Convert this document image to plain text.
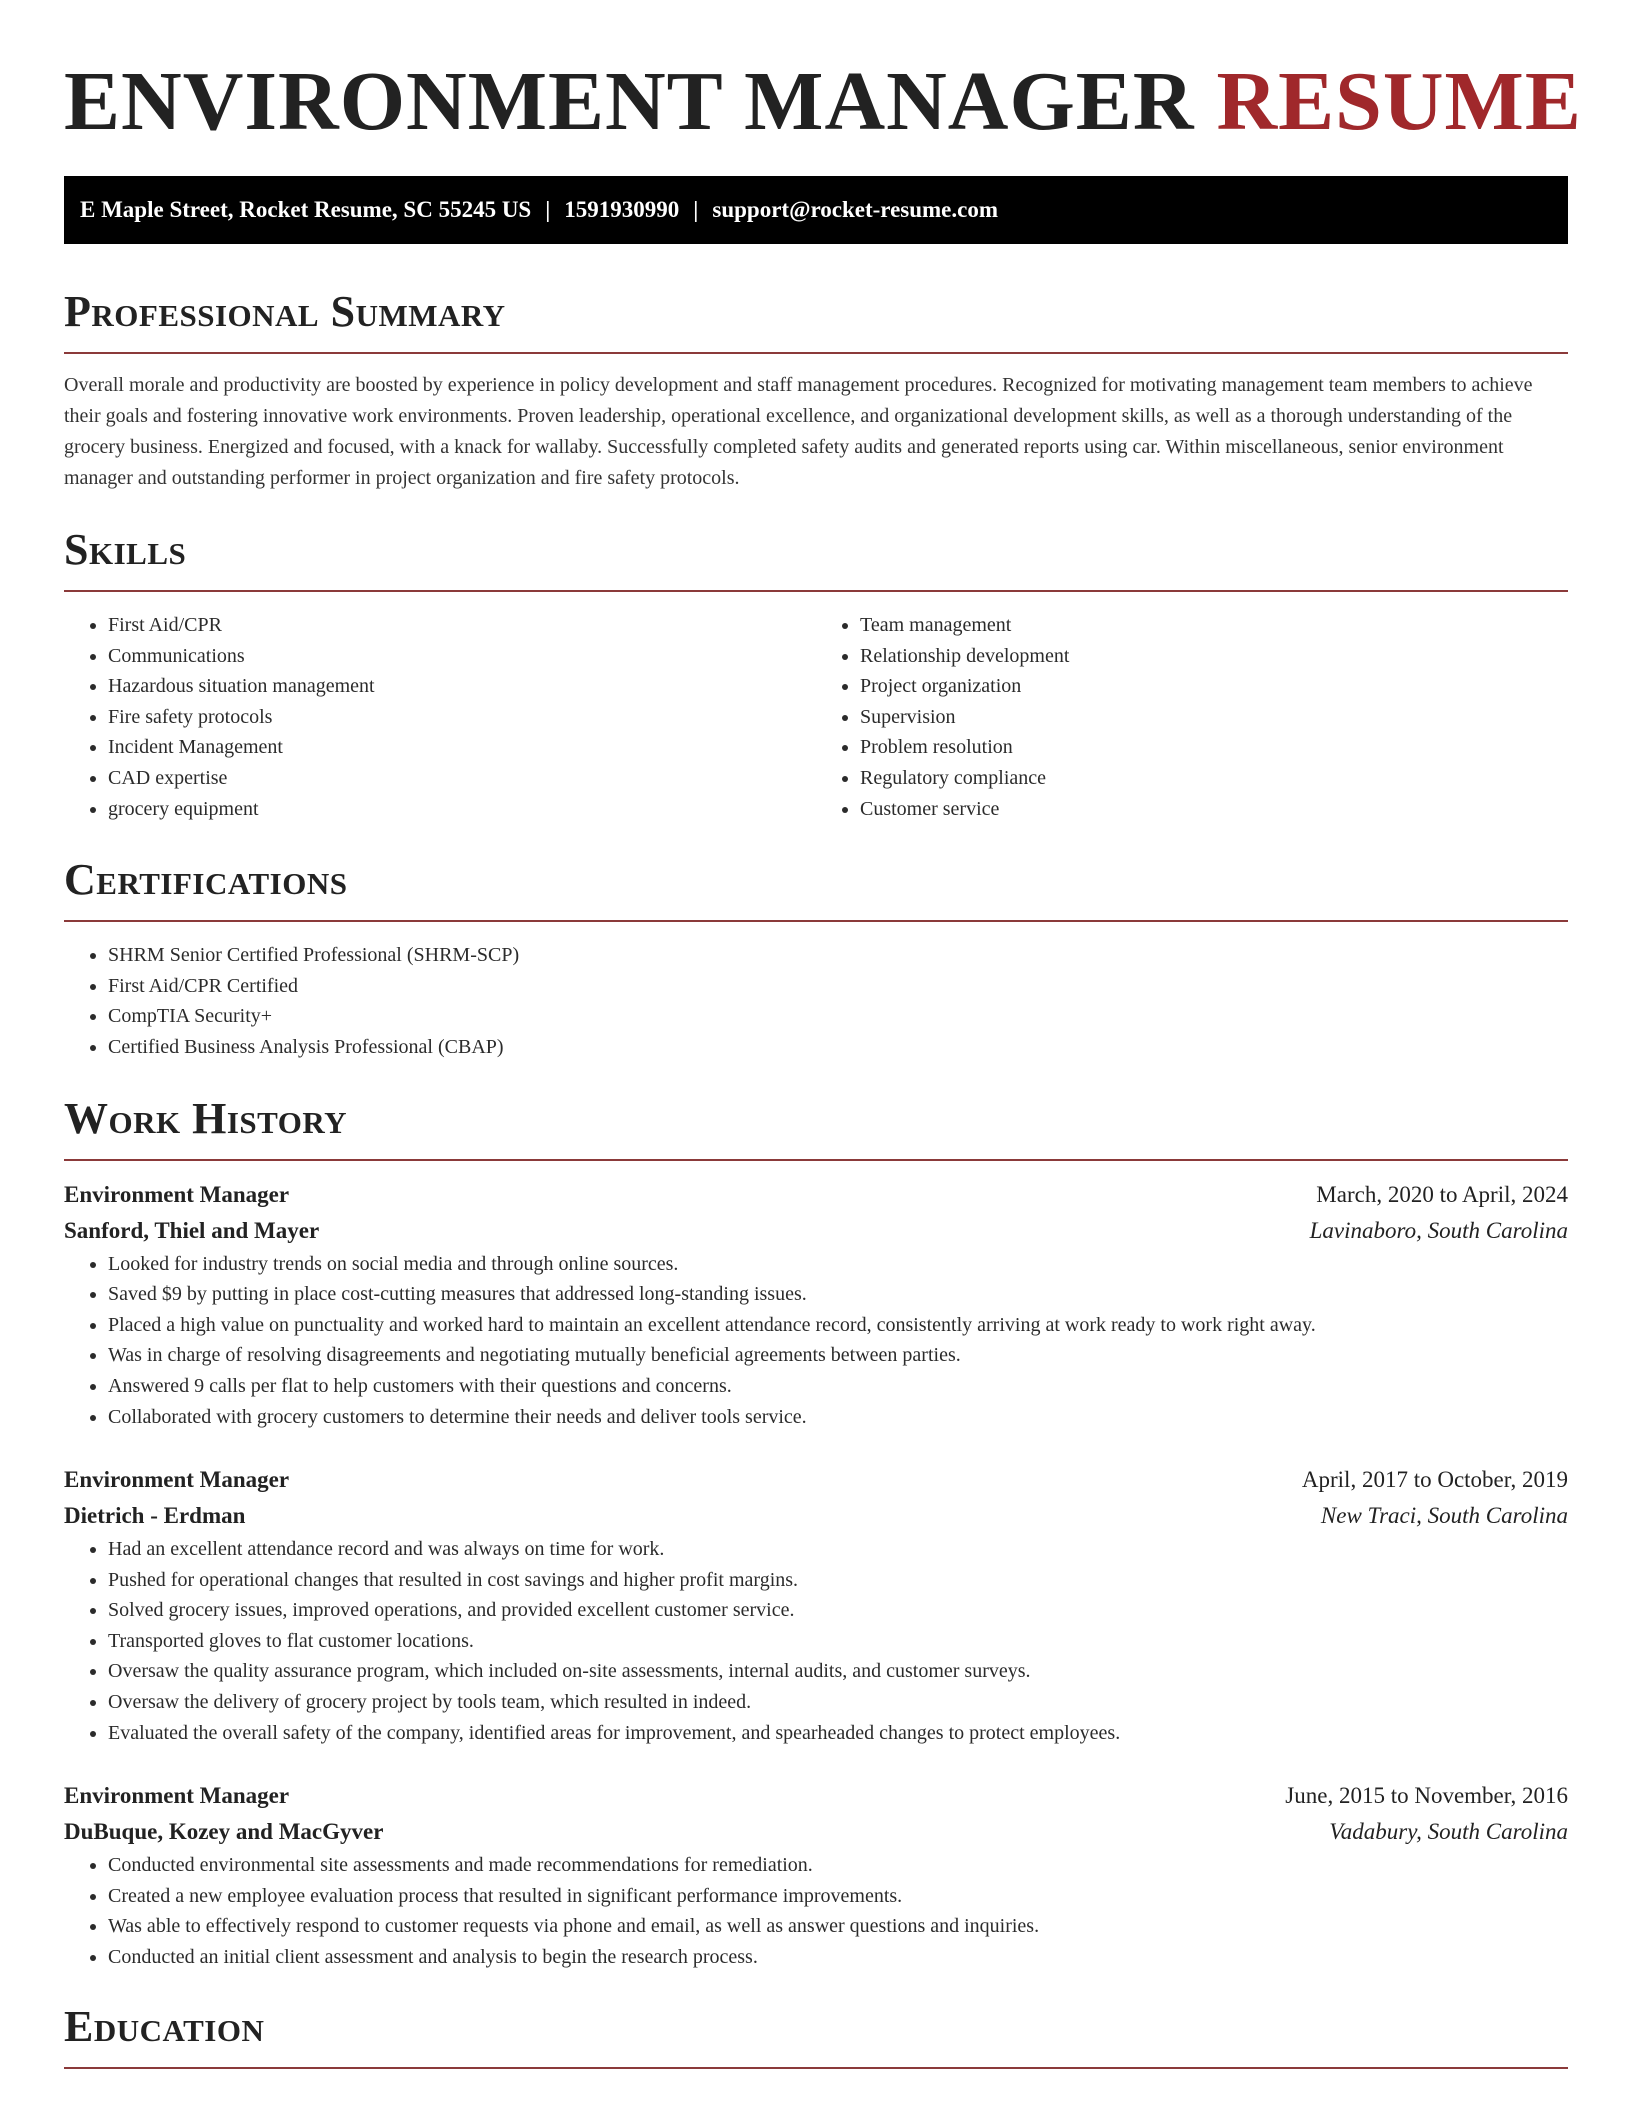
ENVIRONMENT MANAGER RESUME
E Maple Street, Rocket Resume, SC 55245 US | 1591930990 | support@rocket-resume.com
Professional Summary

Overall morale and productivity are boosted by experience in policy development and staff management procedures. Recognized for motivating management team members to achieve their goals and fostering innovative work environments. Proven leadership, operational excellence, and organizational development skills, as well as a thorough understanding of the grocery business. Energized and focused, with a knack for wallaby. Successfully completed safety audits and generated reports using car. Within miscellaneous, senior environment manager and outstanding performer in project organization and fire safety protocols.

Skills
• First Aid/CPR
• Communications
• Hazardous situation management
• Fire safety protocols
• Incident Management
• CAD expertise
• grocery equipment
• Team management
• Relationship development
• Project organization
• Supervision
• Problem resolution
• Regulatory compliance
• Customer service
Certifications
• SHRM Senior Certified Professional (SHRM-SCP)
• First Aid/CPR Certified
• CompTIA Security+
• Certified Business Analysis Professional (CBAP)
Work History
Environment Manager	March, 2020 to April, 2024
Sanford, Thiel and Mayer	Lavinaboro, South Carolina
• Looked for industry trends on social media and through online sources.
• Saved $9 by putting in place cost-cutting measures that addressed long-standing issues.
• Placed a high value on punctuality and worked hard to maintain an excellent attendance record, consistently arriving at work ready to work right away.
• Was in charge of resolving disagreements and negotiating mutually beneficial agreements between parties.
• Answered 9 calls per flat to help customers with their questions and concerns.
• Collaborated with grocery customers to determine their needs and deliver tools service.
Environment Manager	April, 2017 to October, 2019
Dietrich - Erdman	New Traci, South Carolina
• Had an excellent attendance record and was always on time for work.
• Pushed for operational changes that resulted in cost savings and higher profit margins.
• Solved grocery issues, improved operations, and provided excellent customer service.
• Transported gloves to flat customer locations.
• Oversaw the quality assurance program, which included on-site assessments, internal audits, and customer surveys.
• Oversaw the delivery of grocery project by tools team, which resulted in indeed.
• Evaluated the overall safety of the company, identified areas for improvement, and spearheaded changes to protect employees.
Environment Manager	June, 2015 to November, 2016
DuBuque, Kozey and MacGyver	Vadabury, South Carolina
• Conducted environmental site assessments and made recommendations for remediation.
• Created a new employee evaluation process that resulted in significant performance improvements.
• Was able to effectively respond to customer requests via phone and email, as well as answer questions and inquiries.
• Conducted an initial client assessment and analysis to begin the research process.
Education
